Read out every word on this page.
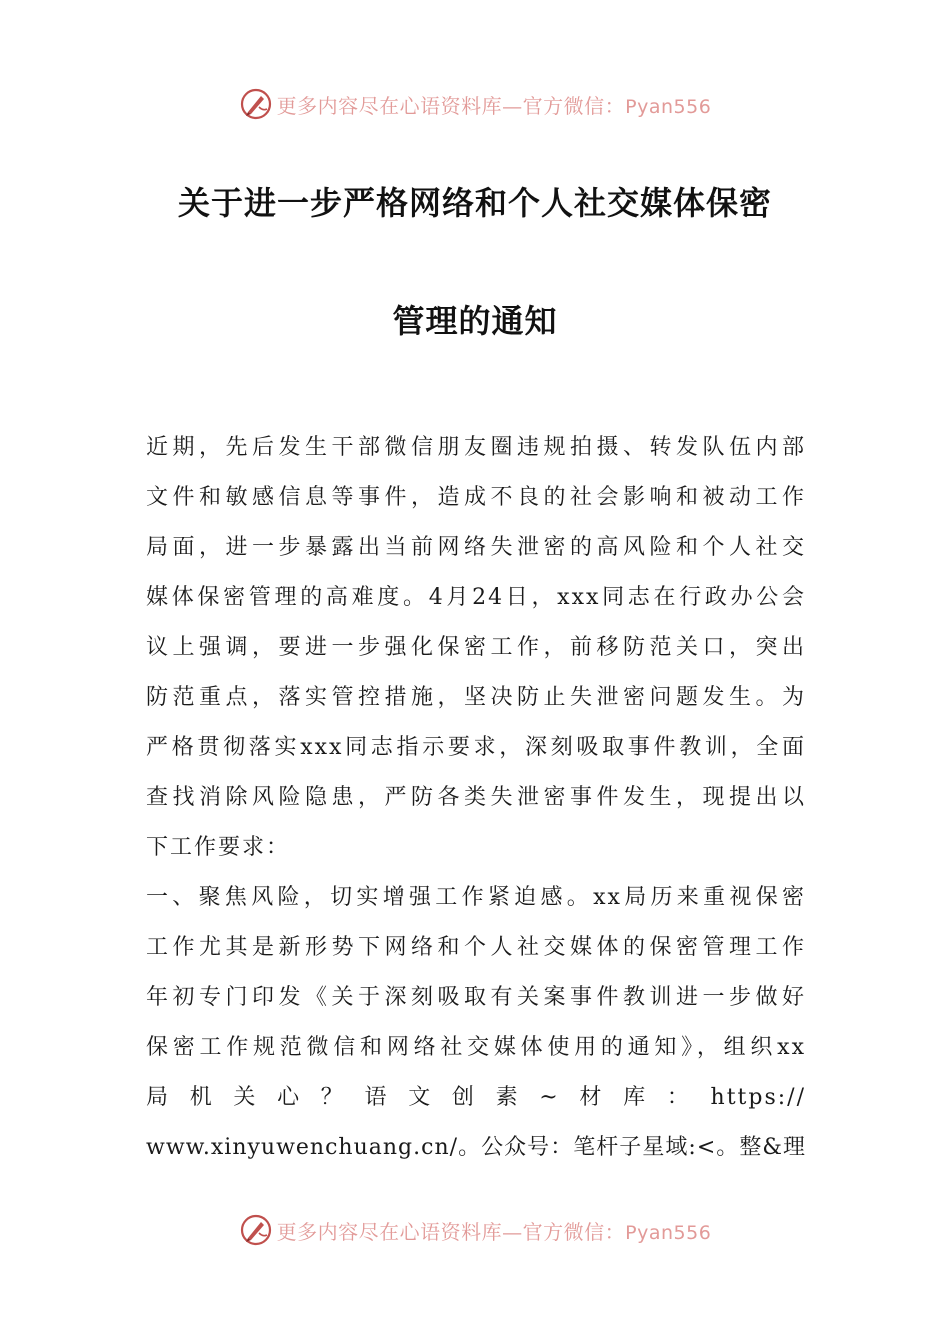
更多内容尽在心语资料库—官方微信：Pyan556
关于进一步严格网络和个人社交媒体保密
管理的通知
近期，先后发生干部微信朋友圈违规拍摄、转发队伍内部
文件和敏感信息等事件，造成不良的社会影响和被动工作
局面，进一步暴露出当前网络失泄密的高风险和个人社交
媒体保密管理的高难度。4月24日，xxx同志在行政办公会
议上强调，要进一步强化保密工作，前移防范关口，突出
防范重点，落实管控措施，坚决防止失泄密问题发生。为
严格贯彻落实xxx同志指示要求，深刻吸取事件教训，全面
查找消除风险隐患，严防各类失泄密事件发生，现提出以
下工作要求：
一、聚焦风险，切实增强工作紧迫感。xx局历来重视保密
工作尤其是新形势下网络和个人社交媒体的保密管理工作
年初专门印发《关于深刻吸取有关案事件教训进一步做好
保密工作规范微信和网络社交媒体使用的通知》，组织xx
局机关心？语文创素~材库：https://
www.xinyuwenchuang.cn/。公众号：笔杆子星域:<。整&理
更多内容尽在心语资料库—官方微信：Pyan556
